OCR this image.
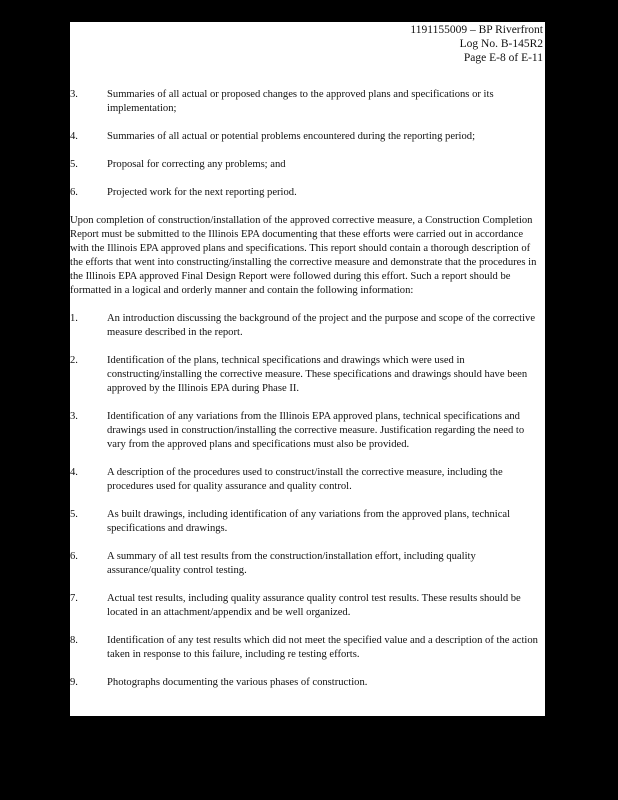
1191155009 – BP Riverfront
Log No. B-145R2
Page E-8 of E-11
3.	Summaries of all actual or proposed changes to the approved plans and specifications or its implementation;
4.	Summaries of all actual or potential problems encountered during the reporting period;
5.	Proposal for correcting any problems; and
6.	Projected work for the next reporting period.
Upon completion of construction/installation of the approved corrective measure, a Construction Completion Report must be submitted to the Illinois EPA documenting that these efforts were carried out in accordance with the Illinois EPA approved plans and specifications. This report should contain a thorough description of the efforts that went into constructing/installing the corrective measure and demonstrate that the procedures in the Illinois EPA approved Final Design Report were followed during this effort. Such a report should be formatted in a logical and orderly manner and contain the following information:
1.	An introduction discussing the background of the project and the purpose and scope of the corrective measure described in the report.
2.	Identification of the plans, technical specifications and drawings which were used in constructing/installing the corrective measure. These specifications and drawings should have been approved by the Illinois EPA during Phase II.
3.	Identification of any variations from the Illinois EPA approved plans, technical specifications and drawings used in construction/installing the corrective measure. Justification regarding the need to vary from the approved plans and specifications must also be provided.
4.	A description of the procedures used to construct/install the corrective measure, including the procedures used for quality assurance and quality control.
5.	As built drawings, including identification of any variations from the approved plans, technical specifications and drawings.
6.	A summary of all test results from the construction/installation effort, including quality assurance/quality control testing.
7.	Actual test results, including quality assurance quality control test results. These results should be located in an attachment/appendix and be well organized.
8.	Identification of any test results which did not meet the specified value and a description of the action taken in response to this failure, including re testing efforts.
9.	Photographs documenting the various phases of construction.
